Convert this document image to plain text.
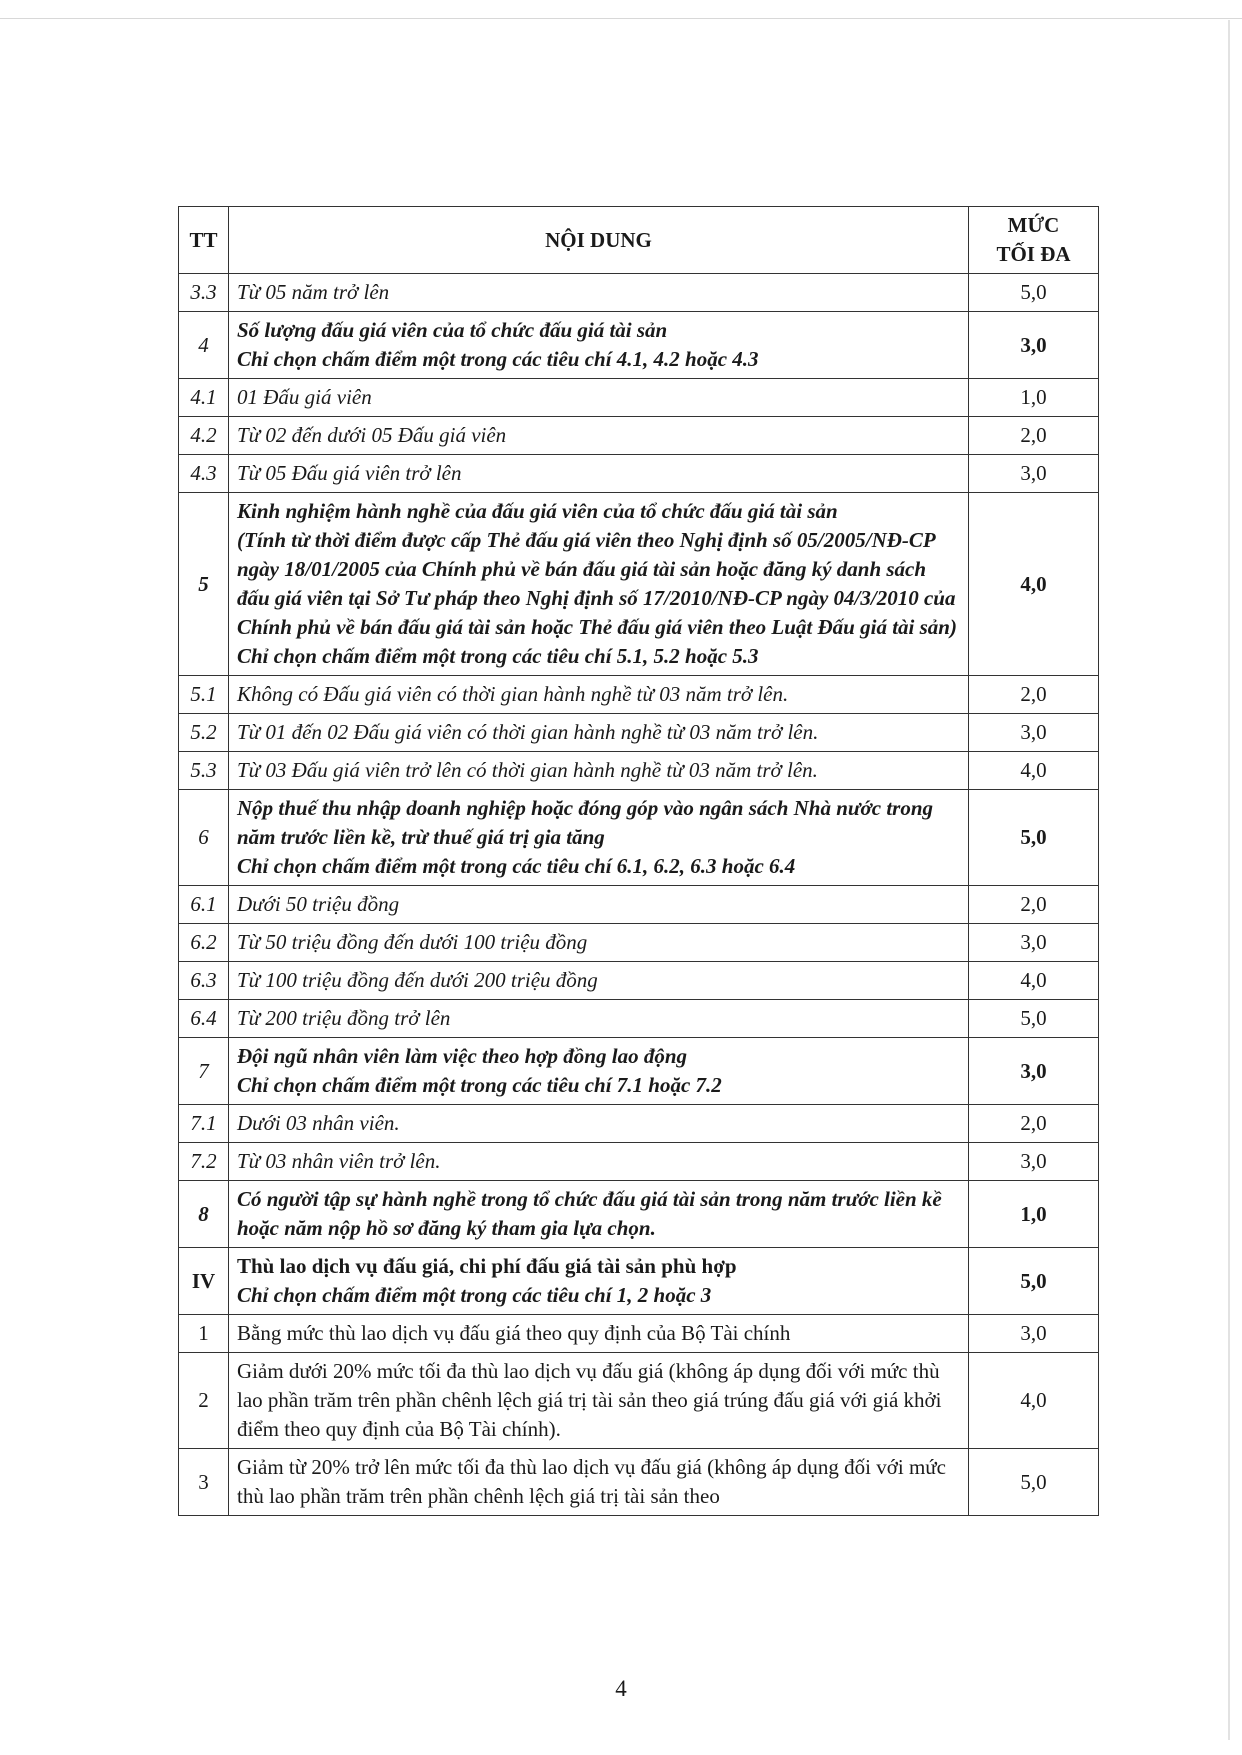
TT	NỘI DUNG	MỨC
TỐI ĐA

3.3	Từ 05 năm trở lên	5,0
4	Số lượng đấu giá viên của tổ chức đấu giá tài sản
Chỉ chọn chấm điểm một trong các tiêu chí 4.1, 4.2 hoặc 4.3	3,0
4.1	01 Đấu giá viên	1,0
4.2	Từ 02 đến dưới 05 Đấu giá viên	2,0
4.3	Từ 05 Đấu giá viên trở lên	3,0
5	Kinh nghiệm hành nghề của đấu giá viên của tổ chức đấu giá tài sản
(Tính từ thời điểm được cấp Thẻ đấu giá viên theo Nghị định số 05/2005/NĐ-CP ngày 18/01/2005 của Chính phủ về bán đấu giá tài sản hoặc đăng ký danh sách đấu giá viên tại Sở Tư pháp theo Nghị định số 17/2010/NĐ-CP ngày 04/3/2010 của Chính phủ về bán đấu giá tài sản hoặc Thẻ đấu giá viên theo Luật Đấu giá tài sản)
Chỉ chọn chấm điểm một trong các tiêu chí 5.1, 5.2 hoặc 5.3	4,0
5.1	Không có Đấu giá viên có thời gian hành nghề từ 03 năm trở lên.	2,0
5.2	Từ 01 đến 02 Đấu giá viên có thời gian hành nghề từ 03 năm trở lên.	3,0
5.3	Từ 03 Đấu giá viên trở lên có thời gian hành nghề từ 03 năm trở lên.	4,0
6	Nộp thuế thu nhập doanh nghiệp hoặc đóng góp vào ngân sách Nhà nước trong năm trước liền kề, trừ thuế giá trị gia tăng
Chỉ chọn chấm điểm một trong các tiêu chí 6.1, 6.2, 6.3 hoặc 6.4	5,0
6.1	Dưới 50 triệu đồng	2,0
6.2	Từ 50 triệu đồng đến dưới 100 triệu đồng	3,0
6.3	Từ 100 triệu đồng đến dưới 200 triệu đồng	4,0
6.4	Từ 200 triệu đồng trở lên	5,0
7	Đội ngũ nhân viên làm việc theo hợp đồng lao động
Chỉ chọn chấm điểm một trong các tiêu chí 7.1 hoặc 7.2	3,0
7.1	Dưới 03 nhân viên.	2,0
7.2	Từ 03 nhân viên trở lên.	3,0
8	Có người tập sự hành nghề trong tổ chức đấu giá tài sản trong năm trước liền kề hoặc năm nộp hồ sơ đăng ký tham gia lựa chọn.	1,0
IV	Thù lao dịch vụ đấu giá, chi phí đấu giá tài sản phù hợp
Chỉ chọn chấm điểm một trong các tiêu chí 1, 2 hoặc 3	5,0
1	Bằng mức thù lao dịch vụ đấu giá theo quy định của Bộ Tài chính	3,0
2	Giảm dưới 20% mức tối đa thù lao dịch vụ đấu giá (không áp dụng đối với mức thù lao phần trăm trên phần chênh lệch giá trị tài sản theo giá trúng đấu giá với giá khởi điểm theo quy định của Bộ Tài chính).	4,0
3	Giảm từ 20% trở lên mức tối đa thù lao dịch vụ đấu giá (không áp dụng đối với mức thù lao phần trăm trên phần chênh lệch giá trị tài sản theo	5,0
4
